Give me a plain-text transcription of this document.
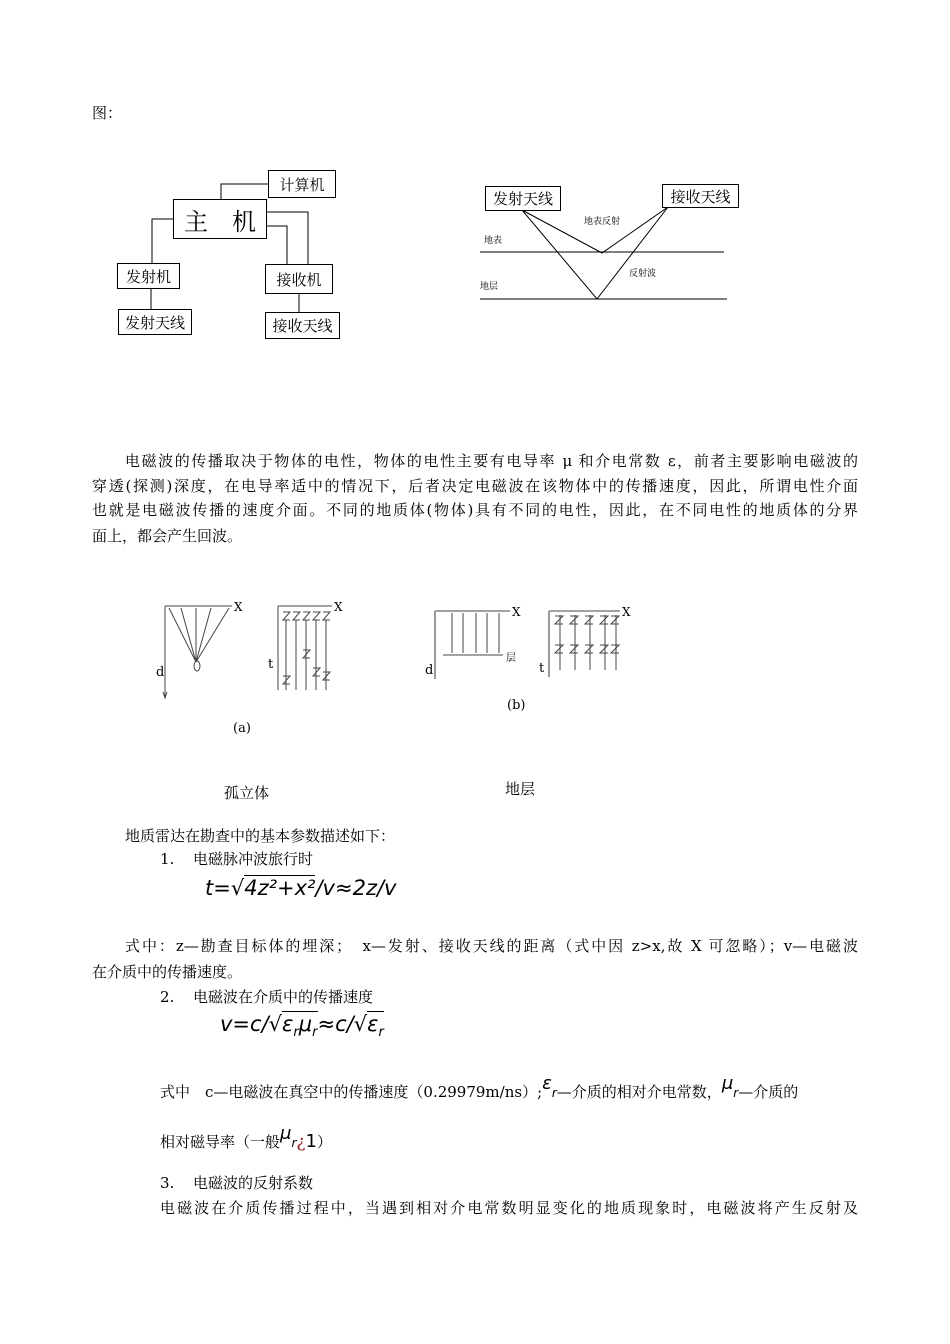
图：
计算机
主　机
发射机	接收机
发射天线	接收天线
发射天线	接收天线
地表反射
地表
反射波
地层
电磁波的传播取决于物体的电性，物体的电性主要有电导率 μ 和介电常数 ε，前者主要影响电磁波的
穿透(探测)深度，在电导率适中的情况下，后者决定电磁波在该物体中的传播速度，因此，所谓电性介面
也就是电磁波传播的速度介面。不同的地质体(物体)具有不同的电性，因此，在不同电性的地质体的分界
面上，都会产生回波。
X
d
X
t
X
d
层
X
t
(a)
(b)
孤立体	地层
地质雷达在勘查中的基本参数描述如下：
1. 电磁脉冲波旅行时
t=√4z²+x²/v≈2z/v
式中：z—勘查目标体的埋深；　x—发射、接收天线的距离（式中因 z>x,故 X 可忽略）；v—电磁波
在介质中的传播速度。
2. 电磁波在介质中的传播速度
$v=c/√\varepsilon_r\mu_r\approx c/√\varepsilon_r$
式中　c—电磁波在真空中的传播速度（0.29979m/ns）;εr—介质的相对介电常数，μr—介质的
相对磁导率（一般μr¿1）
3. 电磁波的反射系数
电磁波在介质传播过程中，当遇到相对介电常数明显变化的地质现象时，电磁波将产生反射及
